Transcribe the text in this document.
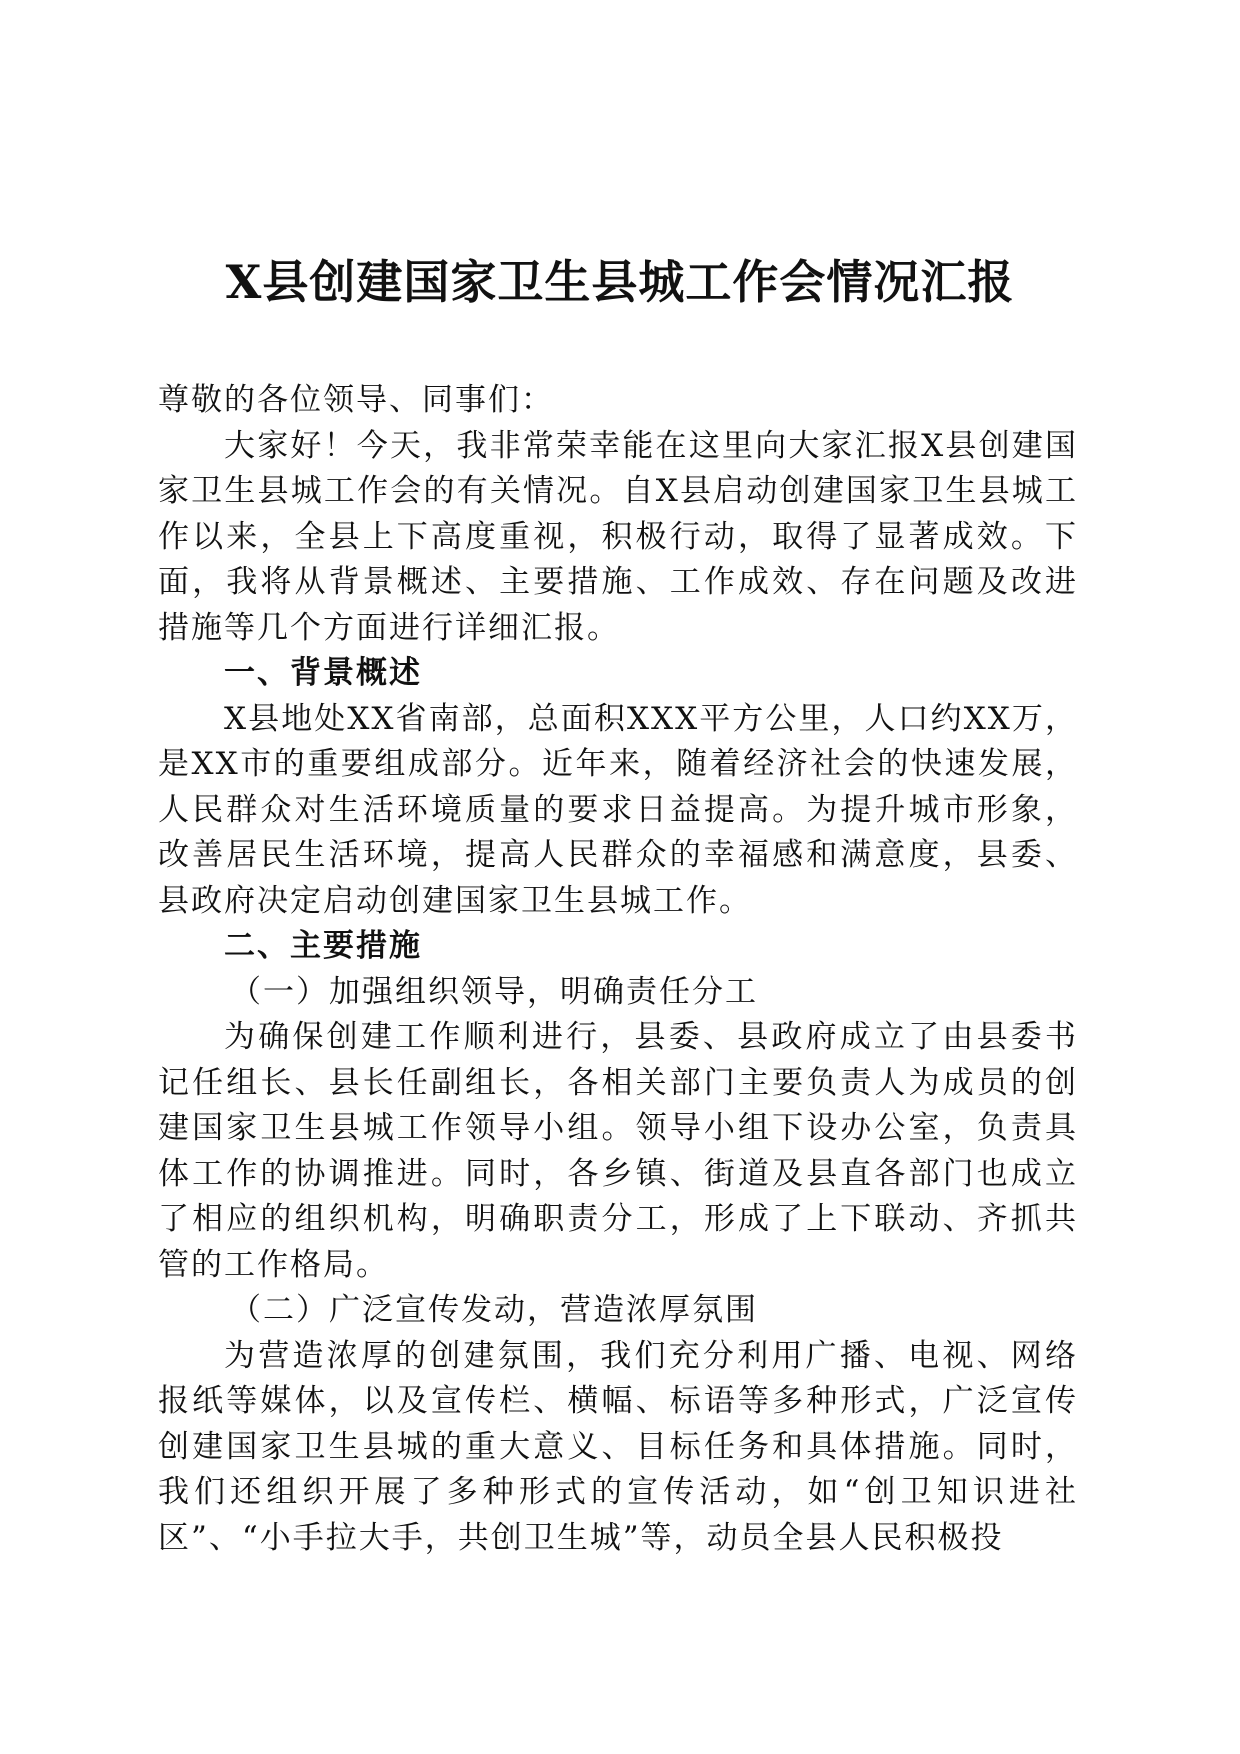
X县创建国家卫生县城工作会情况汇报

尊敬的各位领导、同事们：

大家好！今天，我非常荣幸能在这里向大家汇报X县创建国家卫生县城工作会的有关情况。自X县启动创建国家卫生县城工作以来，全县上下高度重视，积极行动，取得了显著成效。下面，我将从背景概述、主要措施、工作成效、存在问题及改进措施等几个方面进行详细汇报。

一、背景概述

X县地处XX省南部，总面积XXX平方公里，人口约XX万，是XX市的重要组成部分。近年来，随着经济社会的快速发展，人民群众对生活环境质量的要求日益提高。为提升城市形象，改善居民生活环境，提高人民群众的幸福感和满意度，县委、县政府决定启动创建国家卫生县城工作。

二、主要措施

（一）加强组织领导，明确责任分工

为确保创建工作顺利进行，县委、县政府成立了由县委书记任组长、县长任副组长，各相关部门主要负责人为成员的创建国家卫生县城工作领导小组。领导小组下设办公室，负责具体工作的协调推进。同时，各乡镇、街道及县直各部门也成立了相应的组织机构，明确职责分工，形成了上下联动、齐抓共管的工作格局。

（二）广泛宣传发动，营造浓厚氛围

为营造浓厚的创建氛围，我们充分利用广播、电视、网络报纸等媒体，以及宣传栏、横幅、标语等多种形式，广泛宣传创建国家卫生县城的重大意义、目标任务和具体措施。同时，我们还组织开展了多种形式的宣传活动，如“创卫知识进社区”、“小手拉大手，共创卫生城”等，动员全县人民积极投
